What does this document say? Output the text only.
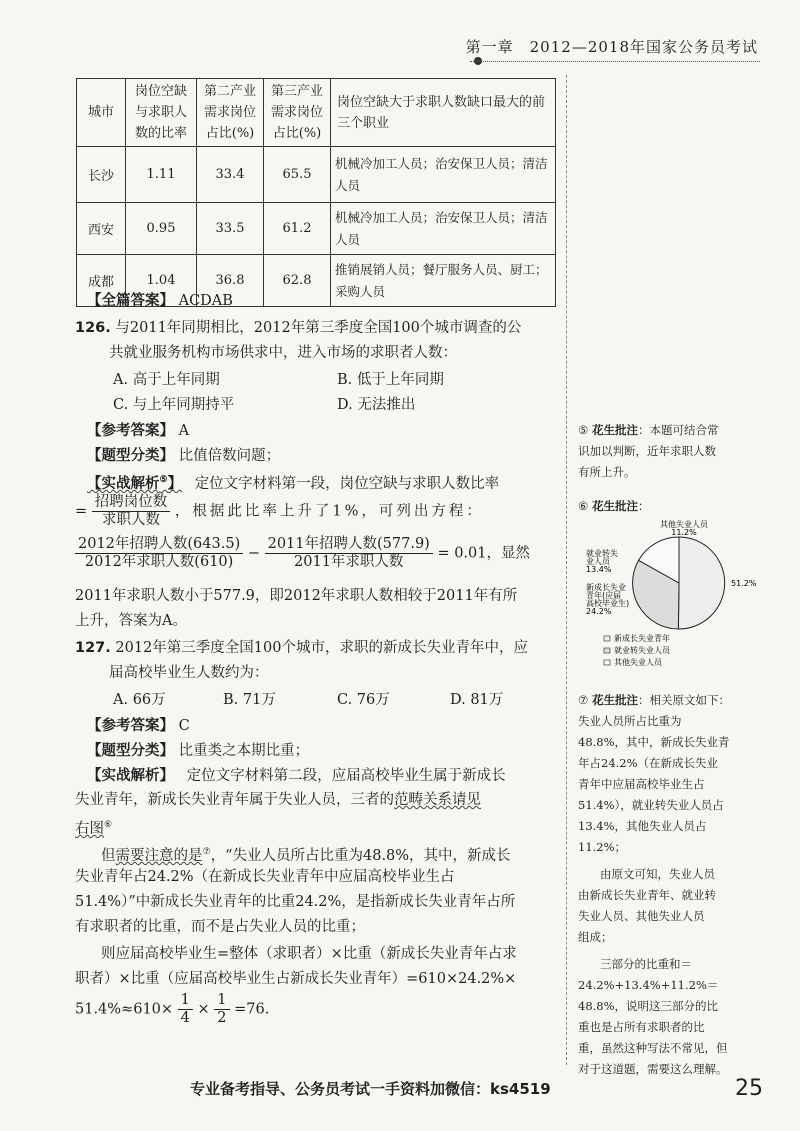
第一章　2012—2018年国家公务员考试
城市	岗位空缺与求职人数的比率	第二产业需求岗位占比(%)	第三产业需求岗位占比(%)	岗位空缺大于求职人数缺口最大的前三个职业
长沙	1.11	33.4	65.5	机械冷加工人员；治安保卫人员；清洁人员
西安	0.95	33.5	61.2	机械冷加工人员；治安保卫人员；清洁人员
成都	1.04	36.8	62.8	推销展销人员；餐厅服务人员、厨工；采购人员
【全篇答案】 ACDAB
126. 与2011年同期相比，2012年第三季度全国100个城市调查的公
共就业服务机构市场供求中，进入市场的求职者人数：
A. 高于上年同期	B. 低于上年同期
C. 与上年同期持平	D. 无法推出
【参考答案】 A
【题型分类】 比值倍数问题；
【实战解析⑤】 定位文字材料第一段，岗位空缺与求职人数比率
= $\frac{\text{招聘岗位数}}{\text{求职人数}}$ ，根据此比率上升了1%，可列出方程：
$\frac{\text{2012年招聘人数(643.5)}}{\text{2012年求职人数(610)}} - \frac{\text{2011年招聘人数(577.9)}}{\text{2011年求职人数}} = 0.01$，显然
2011年求职人数小于577.9，即2012年求职人数相较于2011年有所
上升，答案为A。
127. 2012年第三季度全国100个城市，求职的新成长失业青年中，应
届高校毕业生人数约为：
A. 66万	B. 71万	C. 76万	D. 81万
【参考答案】 C
【题型分类】 比重类之本期比重；
【实战解析】 定位文字材料第二段，应届高校毕业生属于新成长
失业青年，新成长失业青年属于失业人员，三者的范畴关系请见
右图⑥
但需要注意的是⑦，“失业人员所占比重为48.8%，其中，新成长
失业青年占24.2%（在新成长失业青年中应届高校毕业生占
51.4%）”中新成长失业青年的比重24.2%，是指新成长失业青年占所
有求职者的比重，而不是占失业人员的比重；
则应届高校毕业生=整体（求职者）×比重（新成长失业青年占求
职者）×比重（应届高校毕业生占新成长失业青年）=610×24.2%×
$51.4\%\approx 610\times \frac{1}{4} \times \frac{1}{2} =76$.
⑤ 花生批注：本题可结合常
识加以判断，近年求职人数
有所上升。
⑥ 花生批注：
其他失业人员
11.2%
就业转失
业人员
13.4%
新成长失业
青年(应届
高校毕业生)
24.2%
51.2%
新成长失业青年
就业转失业人员
其他失业人员
⑦ 花生批注：相关原文如下：
失业人员所占比重为
48.8%，其中，新成长失业青
年占24.2%（在新成长失业
青年中应届高校毕业生占
51.4%），就业转失业人员占
13.4%，其他失业人员占
11.2%；
由原文可知，失业人员
由新成长失业青年、就业转
失业人员、其他失业人员
组成；
三部分的比重和＝
24.2%+13.4%+11.2%＝
48.8%，说明这三部分的比
重也是占所有求职者的比
重，虽然这种写法不常见，但
对于这道题，需要这么理解。
专业备考指导、公务员考试一手资料加微信：ks4519	25
